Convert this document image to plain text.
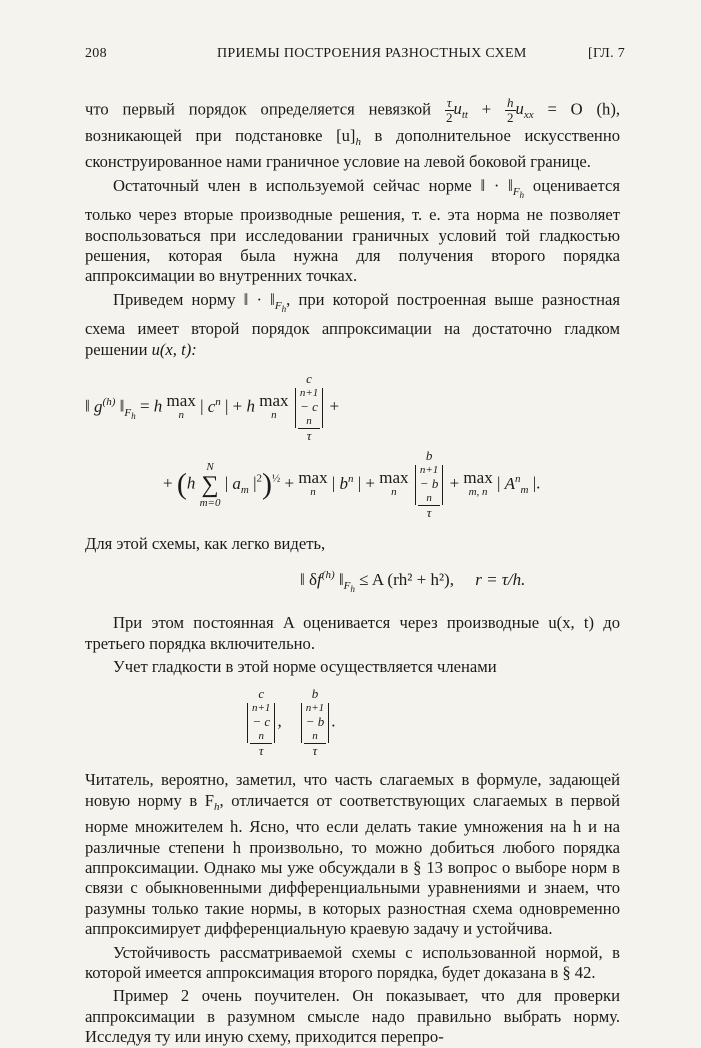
208	ПРИЕМЫ ПОСТРОЕНИЯ РАЗНОСТНЫХ СХЕМ	[ГЛ. 7

что первый порядок определяется невязкой $\frac{\tau}{2} u_{tt} + \frac{h}{2} u_{xx} = O$ (h), возникающей при подстановке $[u]_h$ в дополнительное искусственно сконструированное нами граничное условие на левой боковой границе.

Остаточный член в используемой сейчас норме ‖ · $‖_{F_h}$ оценивается только через вторые производные решения, т. е. эта норма не позволяет воспользоваться при исследовании граничных условий той гладкостью решения, которая была нужна для получения второго порядка аппроксимации во внутренних точках.

Приведем норму ‖ · $‖_{F_h}$, при которой построенная выше разностная схема имеет второй порядок аппроксимации на достаточно гладком решении u(x, t):

‖ $g^{(h)}$ $‖_{F_h} = h$ max
n | $c^n$ | + h max
n
	c
n+1
− c
n
τ +
+ (h N
∑
m=0 | $a_m$ $|^2)^{\frac{1}{2}} + \max$
n | $b^n$ | + max
n
	b
n+1
− b
n
τ + max
m, n | $A^n_m$ |.

Для этой схемы, как легко видеть,

‖ $\delta f^{(h)}$ $‖_{F_h} \le A$ (rh² + h²), r = τ/h.

При этом постоянная A оценивается через производные u(x, t) до третьего порядка включительно.

Учет гладкости в этой норме осуществляется членами

c
n+1
− c
n
τ , b
n+1
− b
n
τ .

Читатель, вероятно, заметил, что часть слагаемых в формуле, задающей новую норму в $F_h$, отличается от соответствующих слагаемых в первой норме множителем h. Ясно, что если делать такие умножения на h и на различные степени h произвольно, то можно добиться любого порядка аппроксимации. Однако мы уже обсуждали в § 13 вопрос о выборе норм в связи с обыкновенными дифференциальными уравнениями и знаем, что разумны только такие нормы, в которых разностная схема одновременно аппроксимирует дифференциальную краевую задачу и устойчива.

Устойчивость рассматриваемой схемы с использованной нормой, в которой имеется аппроксимация второго порядка, будет доказана в § 42.

Пример 2 очень поучителен. Он показывает, что для проверки аппроксимации в разумном смысле надо правильно выбрать норму. Исследуя ту или иную схему, приходится перепро-
